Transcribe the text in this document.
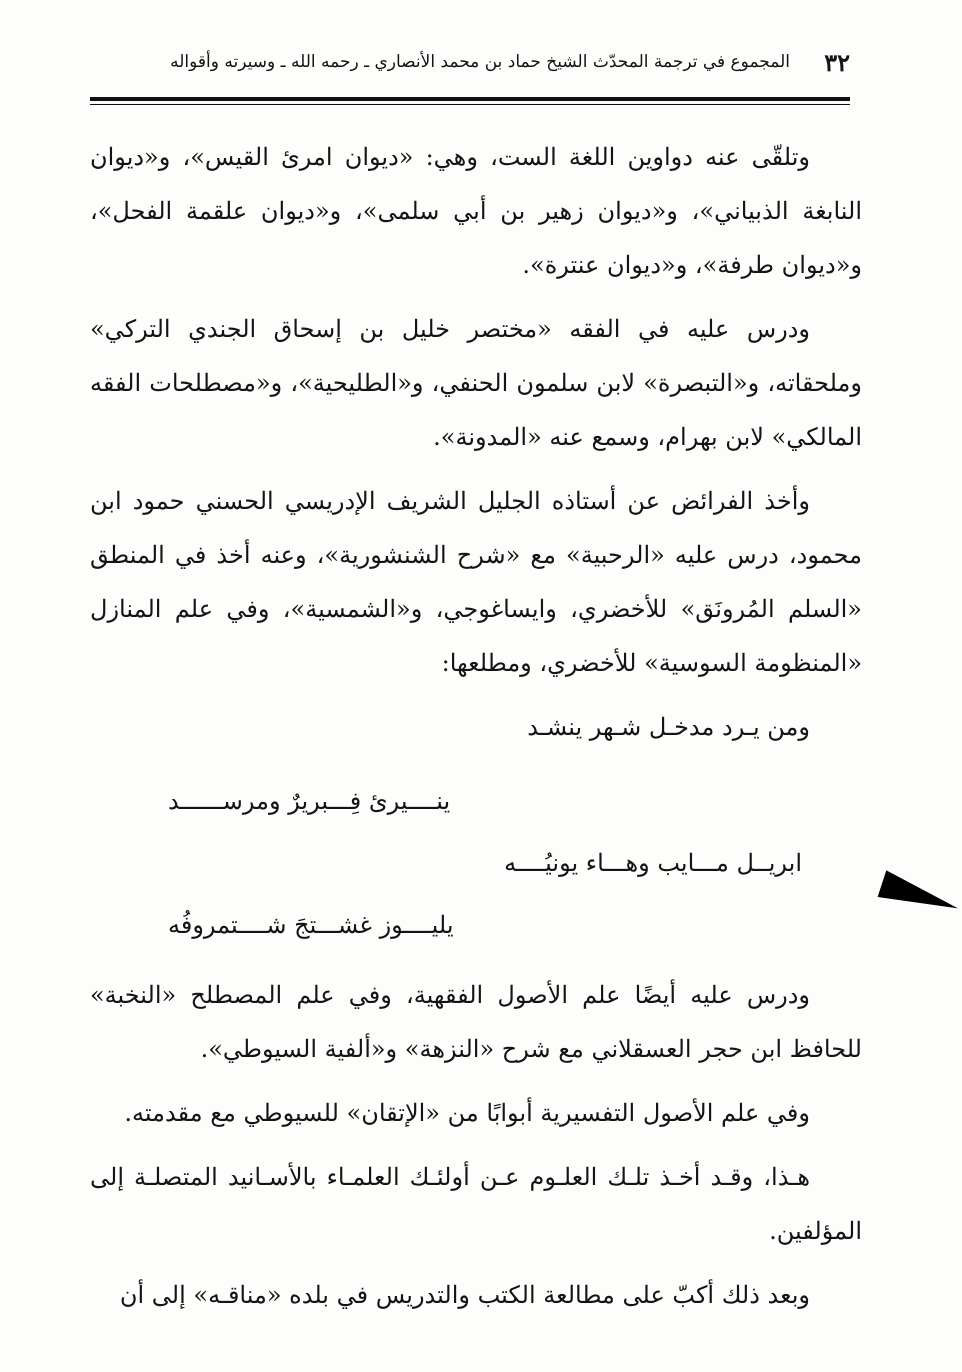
٣٢
المجموع في ترجمة المحدّث الشيخ حماد بن محمد الأنصاري ـ رحمه الله ـ وسيرته وأقواله

وتلقّى عنه دواوين اللغة الست، وهي: «ديوان امرئ القيس»، و«ديوان النابغة الذبياني»، و«ديوان زهير بن أبي سلمى»، و«ديوان علقمة الفحل»، و«ديوان طرفة»، و«ديوان عنترة».

ودرس عليه في الفقه «مختصر خليل بن إسحاق الجندي التركي» وملحقاته، و«التبصرة» لابن سلمون الحنفي، و«الطليحية»، و«مصطلحات الفقه المالكي» لابن بهرام، وسمع عنه «المدونة».

وأخذ الفرائض عن أستاذه الجليل الشريف الإدريسي الحسني حمود ابن محمود، درس عليه «الرحبية» مع «شرح الشنشورية»، وعنه أخذ في المنطق «السلم المُرونَق» للأخضري، وايساغوجي، و«الشمسية»، وفي علم المنازل «المنظومة السوسية» للأخضري، ومطلعها:

ومن يـرد مدخـل شـهر ينشـد

ينــــيرئ فِـــبريرٌ ومرســــــد
ابريــل مـــايب وهـــاء يونيُــــه
يليــــوز غشـــتجَ شــــتمروفُه

ودرس عليه أيضًا علم الأصول الفقهية، وفي علم المصطلح «النخبة» للحافظ ابن حجر العسقلاني مع شرح «النزهة» و«ألفية السيوطي».

وفي علم الأصول التفسيرية أبوابًا من «الإتقان» للسيوطي مع مقدمته.

هـذا، وقـد أخـذ تلـك العلـوم عـن أولئـك العلمـاء بالأسـانيد المتصلـة إلى المؤلفين.

وبعد ذلك أكبّ على مطالعة الكتب والتدريس في بلده «مناقـه» إلى أن
